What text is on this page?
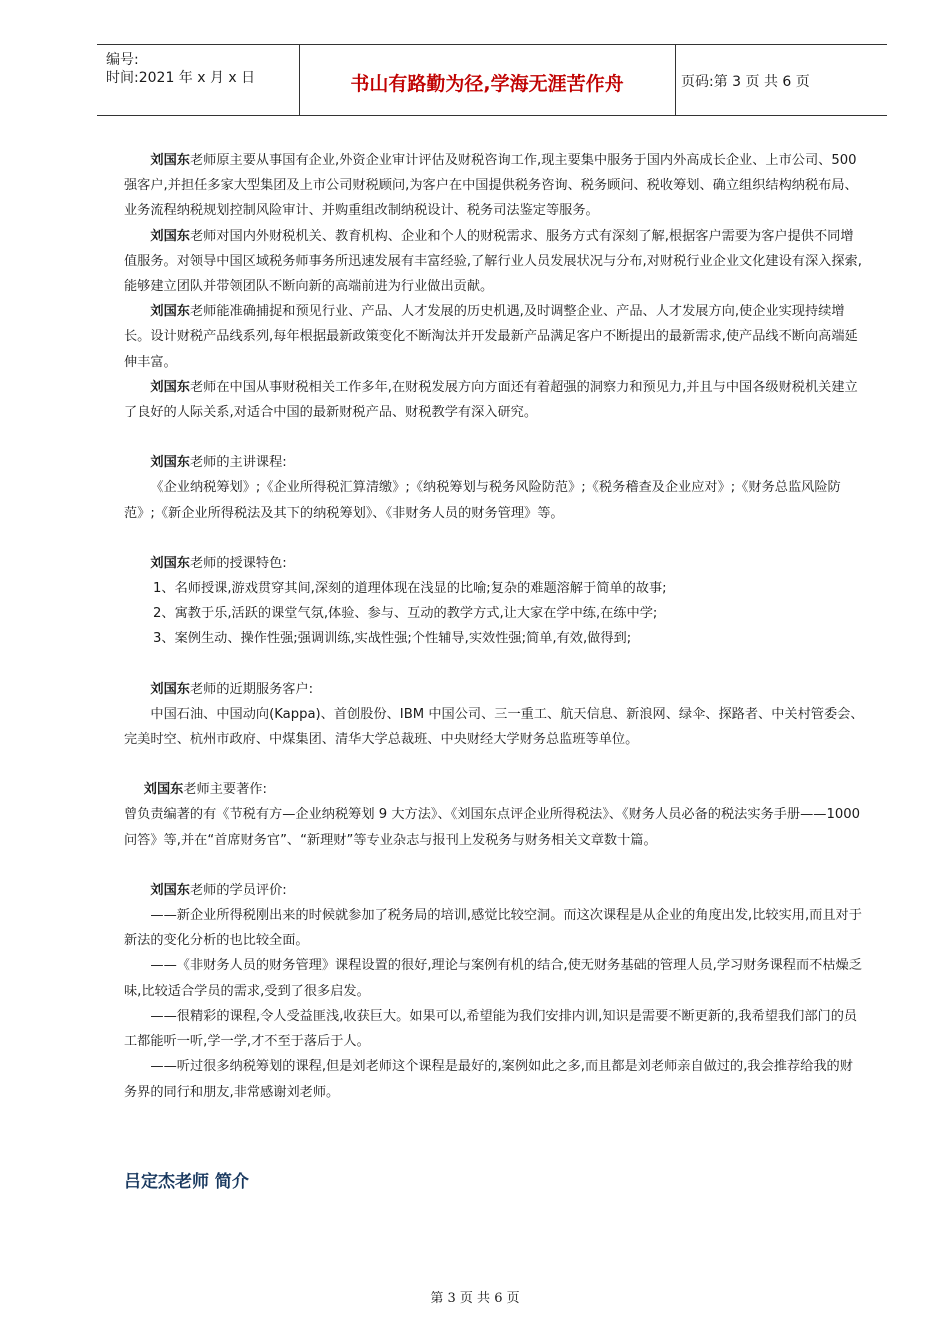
编号:
时间:2021 年 x 月 x 日	书山有路勤为径,学海无涯苦作舟	页码:第 3 页 共 6 页

刘国东老师原主要从事国有企业,外资企业审计评估及财税咨询工作,现主要集中服务于国内外高成长企业、上市公司、500 强客户,并担任多家大型集团及上市公司财税顾问,为客户在中国提供税务咨询、税务顾问、税收筹划、确立组织结构纳税布局、业务流程纳税规划控制风险审计、并购重组改制纳税设计、税务司法鉴定等服务。

刘国东老师对国内外财税机关、教育机构、企业和个人的财税需求、服务方式有深刻了解,根据客户需要为客户提供不同增值服务。对领导中国区域税务师事务所迅速发展有丰富经验,了解行业人员发展状况与分布,对财税行业企业文化建设有深入探索,能够建立团队并带领团队不断向新的高端前进为行业做出贡献。

刘国东老师能准确捕捉和预见行业、产品、人才发展的历史机遇,及时调整企业、产品、人才发展方向,使企业实现持续增长。设计财税产品线系列,每年根据最新政策变化不断淘汰并开发最新产品满足客户不断提出的最新需求,使产品线不断向高端延伸丰富。

刘国东老师在中国从事财税相关工作多年,在财税发展方向方面还有着超强的洞察力和预见力,并且与中国各级财税机关建立了良好的人际关系,对适合中国的最新财税产品、财税教学有深入研究。

刘国东老师的主讲课程:

《企业纳税筹划》;《企业所得税汇算清缴》;《纳税筹划与税务风险防范》;《税务稽查及企业应对》;《财务总监风险防范》;《新企业所得税法及其下的纳税筹划》、《非财务人员的财务管理》等。

刘国东老师的授课特色:

1、名师授课,游戏贯穿其间,深刻的道理体现在浅显的比喻;复杂的难题溶解于简单的故事;

2、寓教于乐,活跃的课堂气氛,体验、参与、互动的教学方式,让大家在学中练,在练中学;

3、案例生动、操作性强;强调训练,实战性强;个性辅导,实效性强;简单,有效,做得到;

刘国东老师的近期服务客户:

中国石油、中国动向(Kappa)、首创股份、IBM 中国公司、三一重工、航天信息、新浪网、绿伞、探路者、中关村管委会、完美时空、杭州市政府、中煤集团、清华大学总裁班、中央财经大学财务总监班等单位。

刘国东老师主要著作:

曾负责编著的有《节税有方—企业纳税筹划 9 大方法》、《刘国东点评企业所得税法》、《财务人员必备的税法实务手册——1000 问答》等,并在“首席财务官”、“新理财”等专业杂志与报刊上发税务与财务相关文章数十篇。

刘国东老师的学员评价:

——新企业所得税刚出来的时候就参加了税务局的培训,感觉比较空洞。而这次课程是从企业的角度出发,比较实用,而且对于新法的变化分析的也比较全面。

——《非财务人员的财务管理》课程设置的很好,理论与案例有机的结合,使无财务基础的管理人员,学习财务课程而不枯燥乏味,比较适合学员的需求,受到了很多启发。

——很精彩的课程,令人受益匪浅,收获巨大。如果可以,希望能为我们安排内训,知识是需要不断更新的,我希望我们部门的员工都能听一听,学一学,才不至于落后于人。

——听过很多纳税筹划的课程,但是刘老师这个课程是最好的,案例如此之多,而且都是刘老师亲自做过的,我会推荐给我的财务界的同行和朋友,非常感谢刘老师。

吕定杰老师 简介
第 3 页 共 6 页
